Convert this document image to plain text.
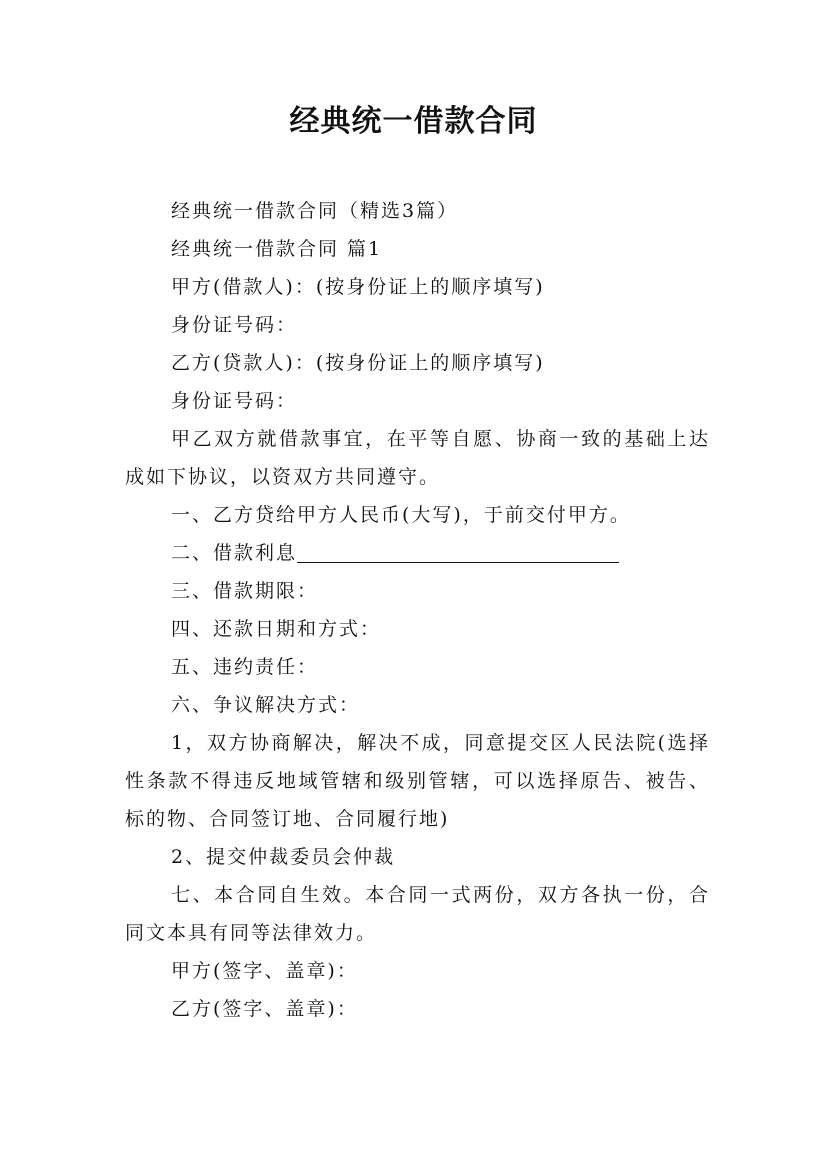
经典统一借款合同

经典统一借款合同（精选3篇）

经典统一借款合同 篇1

甲方(借款人)：(按身份证上的顺序填写)

身份证号码：

乙方(贷款人)：(按身份证上的顺序填写)

身份证号码：

甲乙双方就借款事宜，在平等自愿、协商一致的基础上达成如下协议，以资双方共同遵守。

一、乙方贷给甲方人民币(大写)，于前交付甲方。

二、借款利息

三、借款期限：

四、还款日期和方式：

五、违约责任：

六、争议解决方式：

1，双方协商解决，解决不成，同意提交区人民法院(选择性条款不得违反地域管辖和级别管辖，可以选择原告、被告、标的物、合同签订地、合同履行地)

2、提交仲裁委员会仲裁

七、本合同自生效。本合同一式两份，双方各执一份，合同文本具有同等法律效力。

甲方(签字、盖章)：

乙方(签字、盖章)：
